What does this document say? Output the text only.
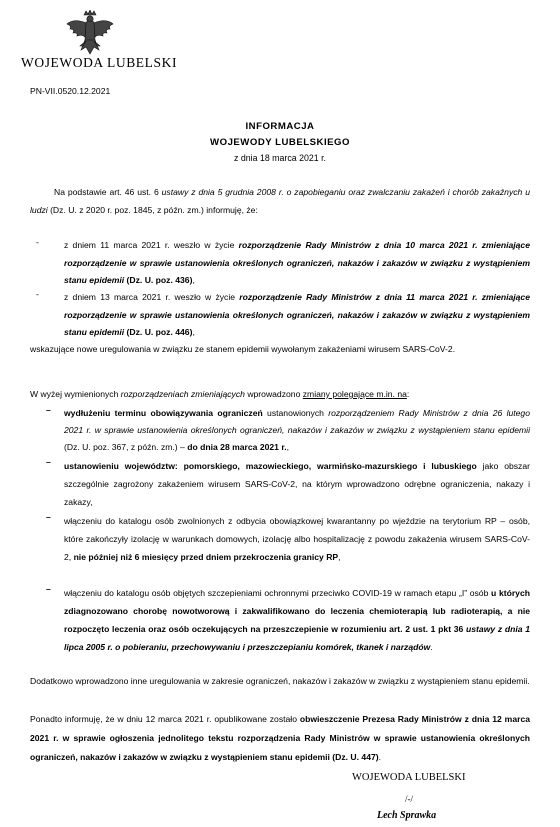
WOJEWODA LUBELSKI
PN-VII.0520.12.2021
INFORMACJA
WOJEWODY LUBELSKIEGO
z dnia 18 marca 2021 r.
Na podstawie art. 46 ust. 6 ustawy z dnia 5 grudnia 2008 r. o zapobieganiu oraz zwalczaniu zakażeń i chorób zakaźnych u ludzi (Dz. U. z 2020 r. poz. 1845, z późn. zm.) informuję, że:
-	z dniem 11 marca 2021 r. weszło w życie rozporządzenie Rady Ministrów z dnia 10 marca 2021 r. zmieniające rozporządzenie w sprawie ustanowienia określonych ograniczeń, nakazów i zakazów w związku z wystąpieniem stanu epidemii (Dz. U. poz. 436),
-	z dniem 13 marca 2021 r. weszło w życie rozporządzenie Rady Ministrów z dnia 11 marca 2021 r. zmieniające rozporządzenie w sprawie ustanowienia określonych ograniczeń, nakazów i zakazów w związku z wystąpieniem stanu epidemii (Dz. U. poz. 446),
wskazujące nowe uregulowania w związku ze stanem epidemii wywołanym zakażeniami wirusem SARS-CoV-2.
W wyżej wymienionych rozporządzeniach zmieniających wprowadzono zmiany polegające m.in. na:
– wydłużeniu terminu obowiązywania ograniczeń ustanowionych rozporządzeniem Rady Ministrów z dnia 26 lutego 2021 r. w sprawie ustanowienia określonych ograniczeń, nakazów i zakazów w związku z wystąpieniem stanu epidemii (Dz. U. poz. 367, z późn. zm.) – do dnia 28 marca 2021 r.,
– ustanowieniu województw: pomorskiego, mazowieckiego, warmińsko-mazurskiego i lubuskiego jako obszar szczególnie zagrożony zakażeniem wirusem SARS-CoV-2, na którym wprowadzono odrębne ograniczenia, nakazy i zakazy,
– włączeniu do katalogu osób zwolnionych z odbycia obowiązkowej kwarantanny po wjeździe na terytorium RP – osób, które zakończyły izolację w warunkach domowych, izolację albo hospitalizację z powodu zakażenia wirusem SARS-CoV-2, nie później niż 6 miesięcy przed dniem przekroczenia granicy RP,
– włączeniu do katalogu osób objętych szczepieniami ochronnymi przeciwko COVID-19 w ramach etapu „I” osób u których zdiagnozowano chorobę nowotworową i zakwalifikowano do leczenia chemioterapią lub radioterapią, a nie rozpoczęto leczenia oraz osób oczekujących na przeszczepienie w rozumieniu art. 2 ust. 1 pkt 36 ustawy z dnia 1 lipca 2005 r. o pobieraniu, przechowywaniu i przeszczepianiu komórek, tkanek i narządów.
Dodatkowo wprowadzono inne uregulowania w zakresie ograniczeń, nakazów i zakazów w związku z wystąpieniem stanu epidemii.
Ponadto informuję, że w dniu 12 marca 2021 r. opublikowane zostało obwieszczenie Prezesa Rady Ministrów z dnia 12 marca 2021 r. w sprawie ogłoszenia jednolitego tekstu rozporządzenia Rady Ministrów w sprawie ustanowienia określonych ograniczeń, nakazów i zakazów w związku z wystąpieniem stanu epidemii (Dz. U. 447).
WOJEWODA LUBELSKI
/-/
Lech Sprawka
